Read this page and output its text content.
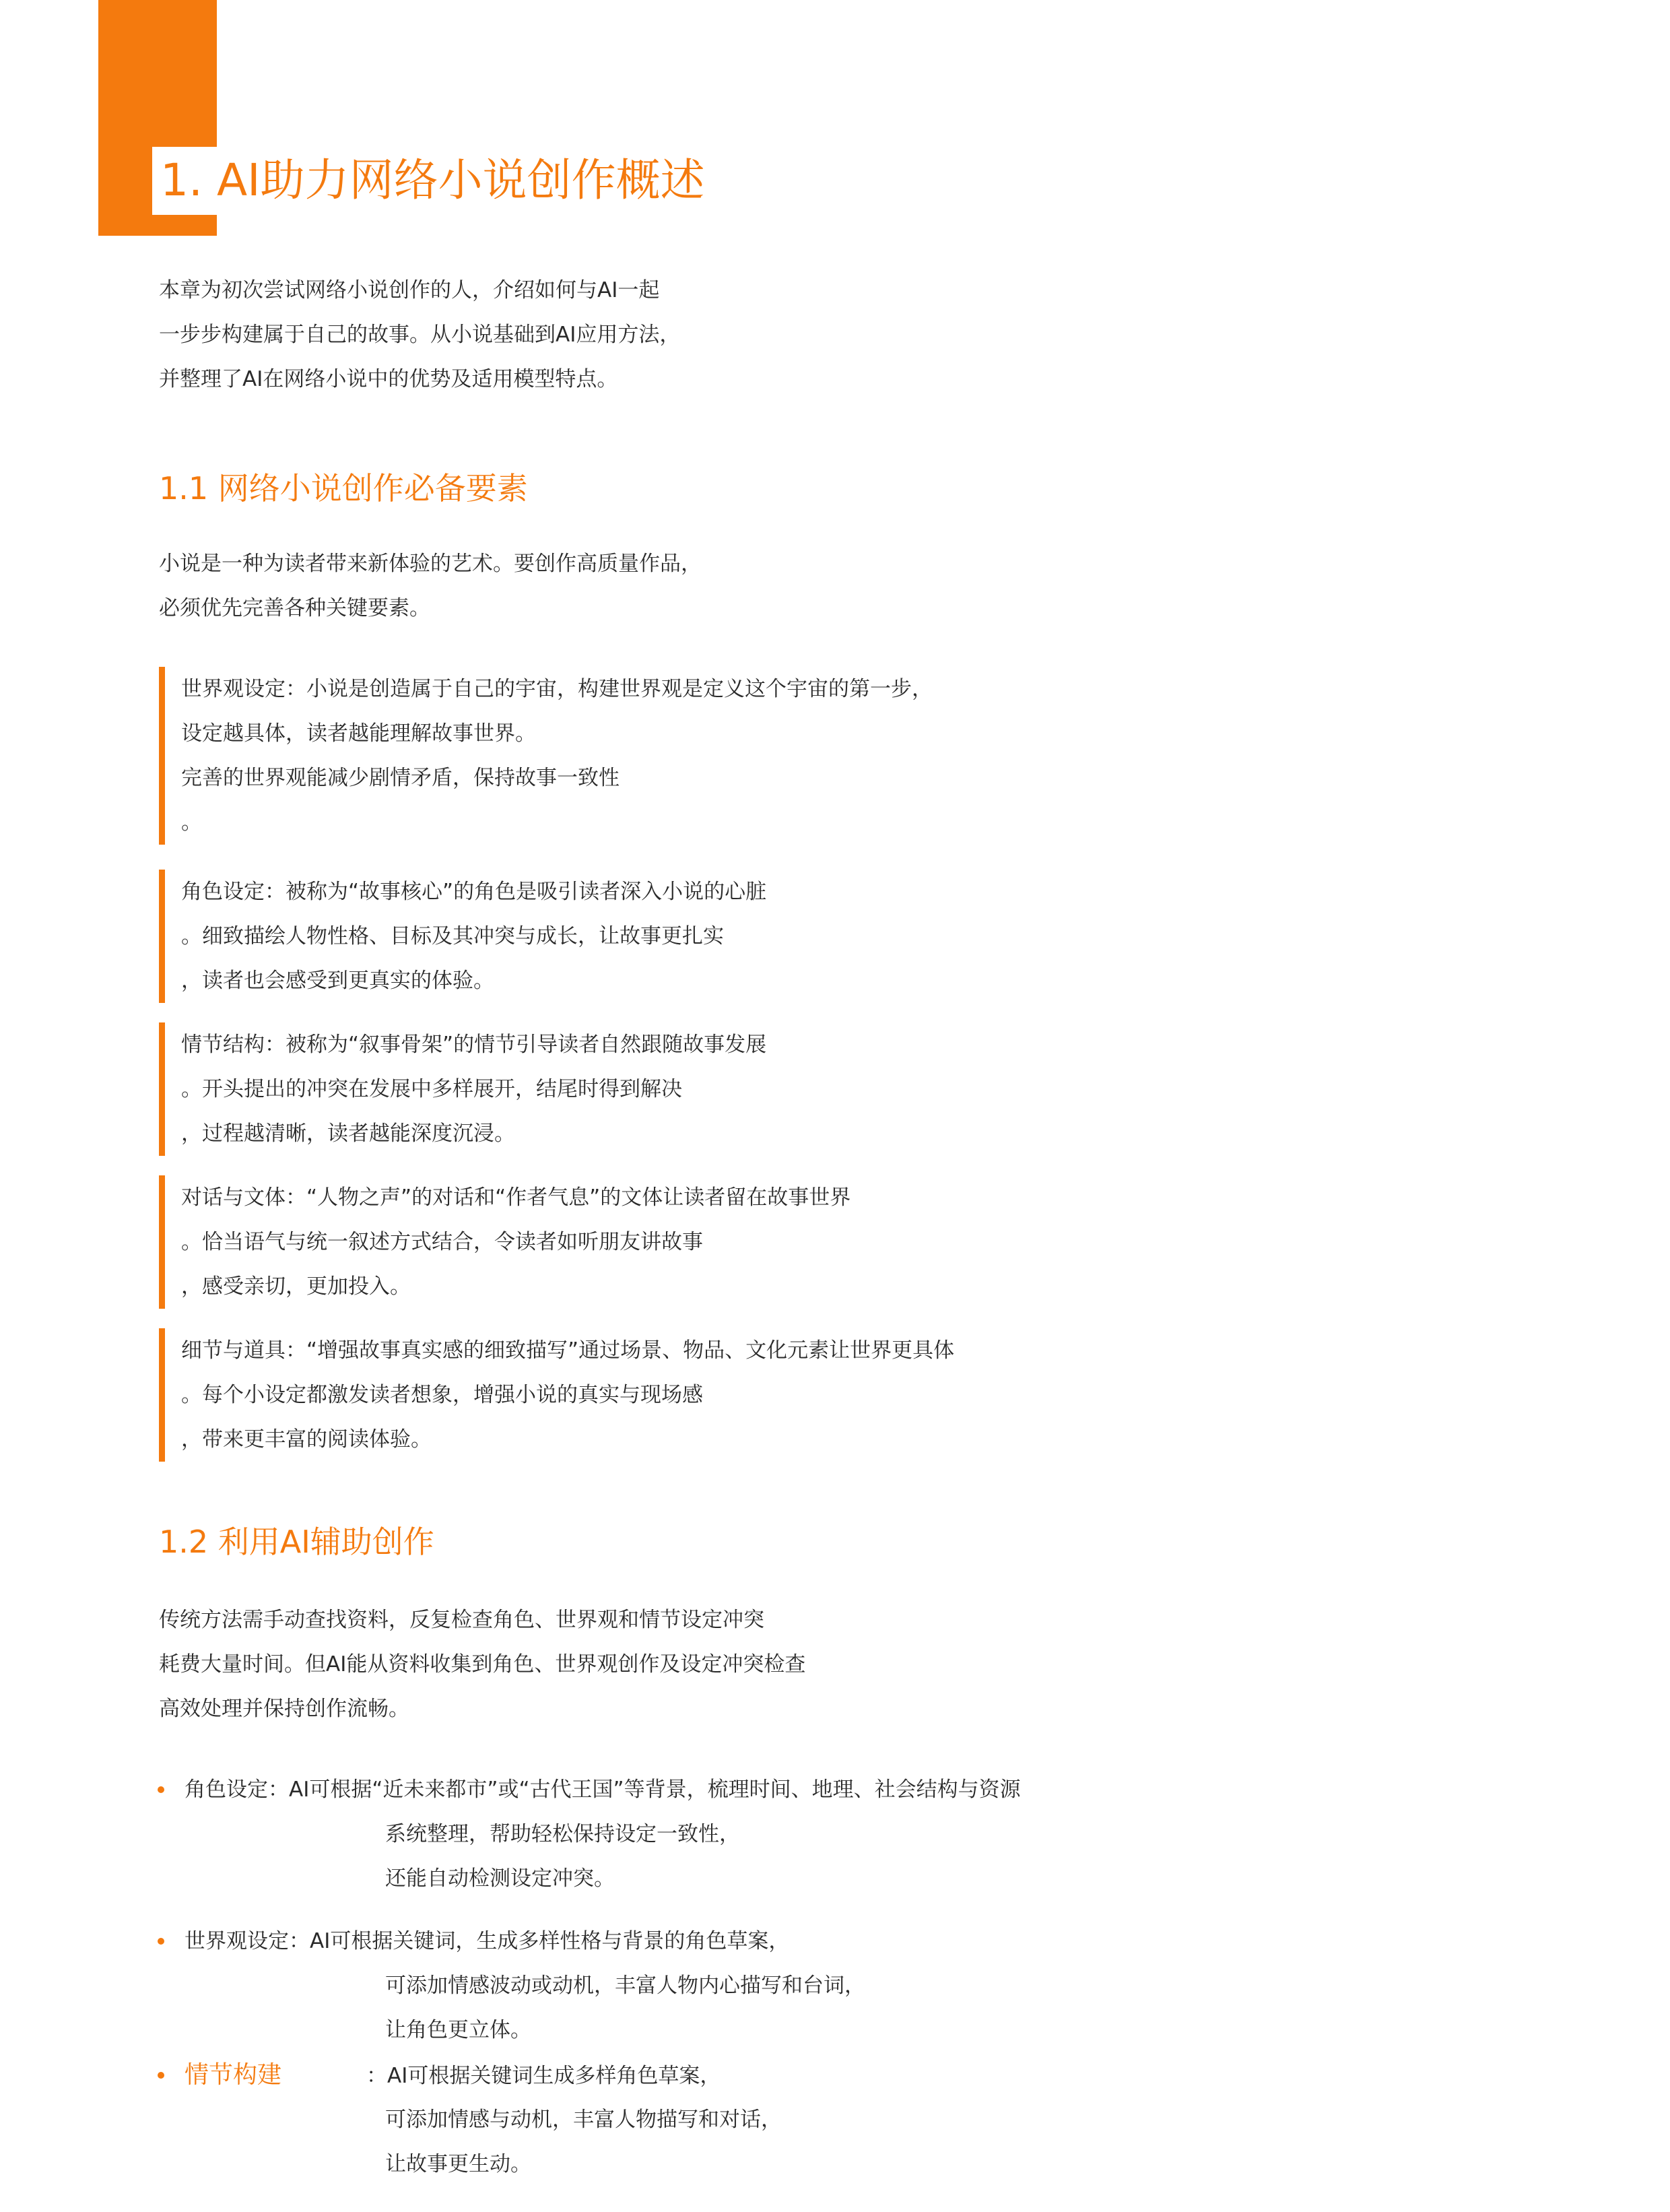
1. AI助力网络小说创作概述
本章为初次尝试网络小说创作的人，介绍如何与AI一起
一步步构建属于自己的故事。从小说基础到AI应用方法，
并整理了AI在网络小说中的优势及适用模型特点。
1.1 网络小说创作必备要素
小说是一种为读者带来新体验的艺术。要创作高质量作品，
必须优先完善各种关键要素。
世界观设定：小说是创造属于自己的宇宙，构建世界观是定义这个宇宙的第一步，
设定越具体，读者越能理解故事世界。
完善的世界观能减少剧情矛盾，保持故事一致性
。
角色设定：被称为“故事核心”的角色是吸引读者深入小说的心脏
。细致描绘人物性格、目标及其冲突与成长，让故事更扎实
，读者也会感受到更真实的体验。
情节结构：被称为“叙事骨架”的情节引导读者自然跟随故事发展
。开头提出的冲突在发展中多样展开，结尾时得到解决
，过程越清晰，读者越能深度沉浸。
对话与文体：“人物之声”的对话和“作者气息”的文体让读者留在故事世界
。恰当语气与统一叙述方式结合，令读者如听朋友讲故事
，感受亲切，更加投入。
细节与道具：“增强故事真实感的细致描写”通过场景、物品、文化元素让世界更具体
。每个小设定都激发读者想象，增强小说的真实与现场感
，带来更丰富的阅读体验。
1.2 利用AI辅助创作
传统方法需手动查找资料，反复检查角色、世界观和情节设定冲突
耗费大量时间。但AI能从资料收集到角色、世界观创作及设定冲突检查
高效处理并保持创作流畅。
角色设定：AI可根据“近未来都市”或“古代王国”等背景，梳理时间、地理、社会结构与资源
系统整理，帮助轻松保持设定一致性，
还能自动检测设定冲突。
世界观设定：AI可根据关键词，生成多样性格与背景的角色草案，
可添加情感波动或动机，丰富人物内心描写和台词，
让角色更立体。
情节构建	：AI可根据关键词生成多样角色草案，
可添加情感与动机，丰富人物描写和对话，
让故事更生动。
